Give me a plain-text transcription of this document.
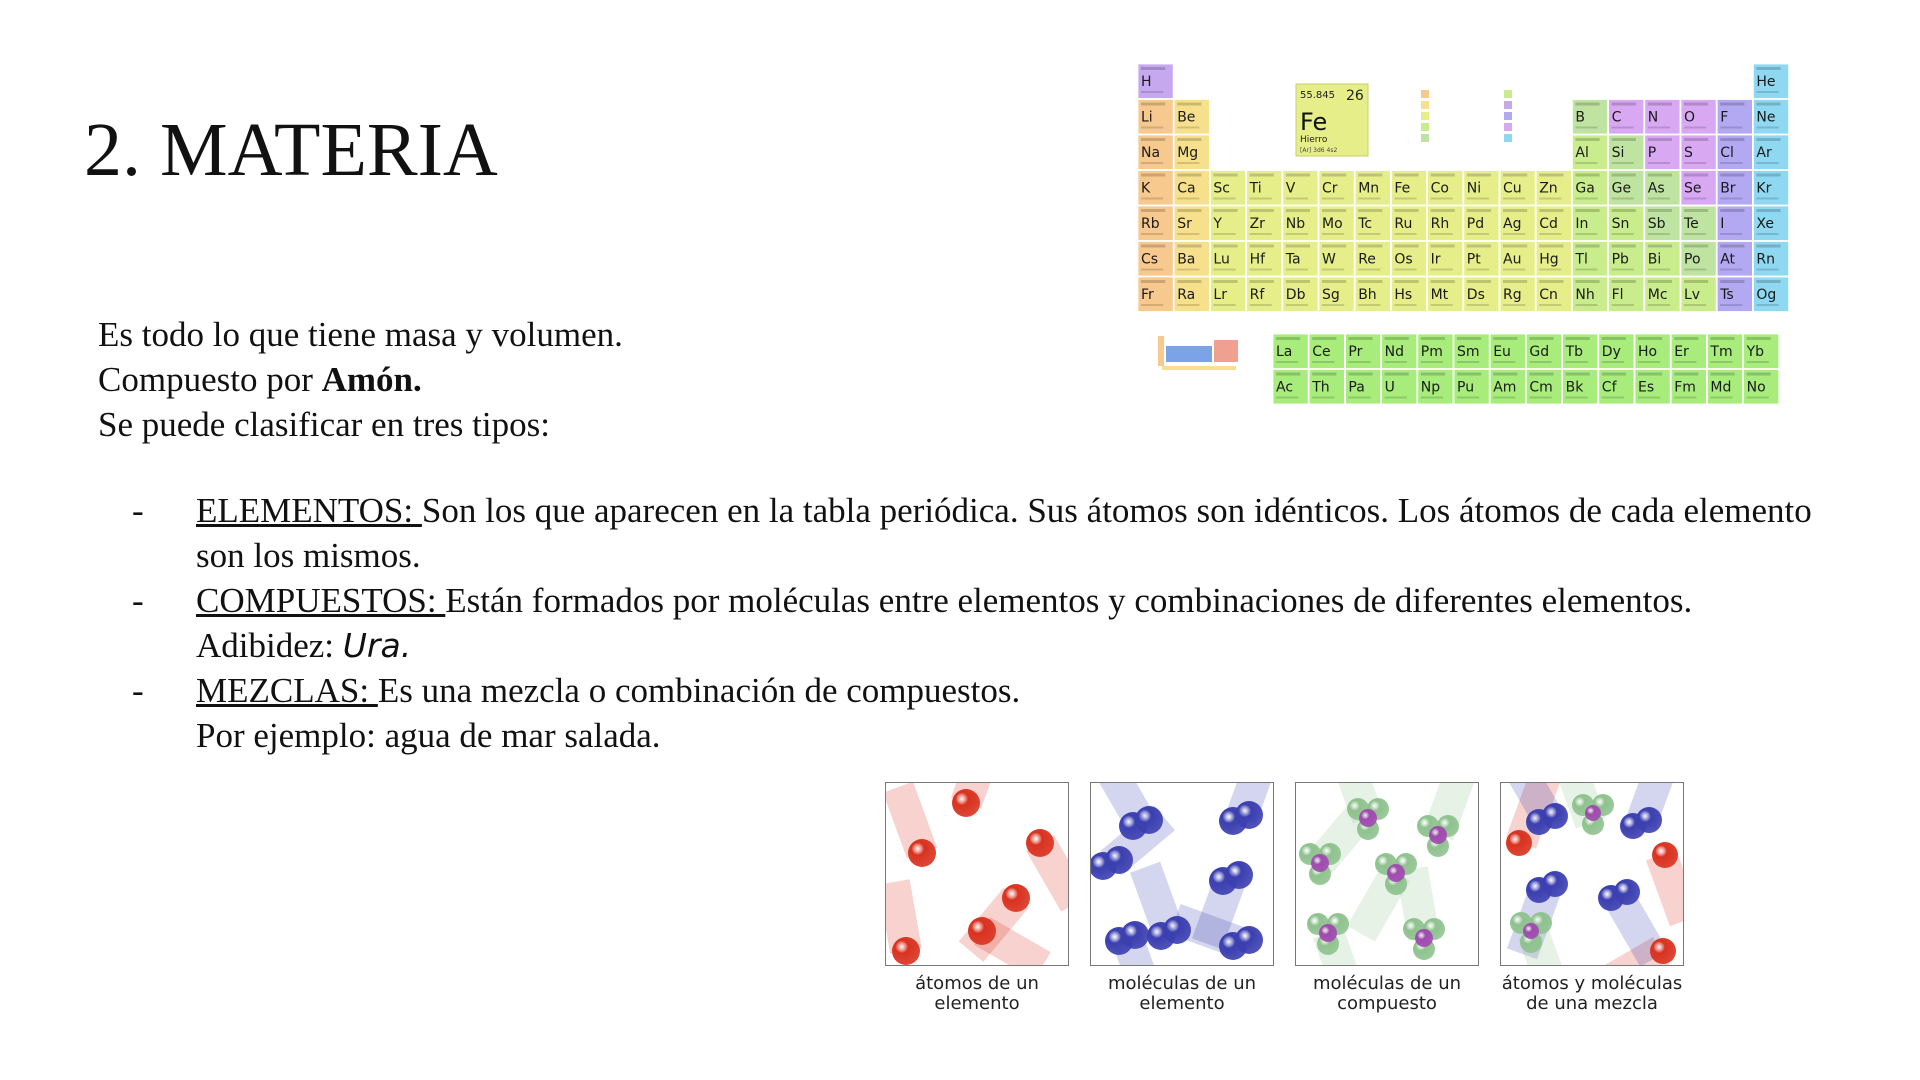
2. MATERIA
Es todo lo que tiene masa y volumen.
Compuesto por Amón.
Se puede clasificar en tres tipos:
- ELEMENTOS: Son los que aparecen en la tabla periódica. Sus átomos son idénticos. Los átomos de cada elemento son los mismos.
- COMPUESTOS: Están formados por moléculas entre elementos y combinaciones de diferentes elementos.
Adibidez: Ura.
- MEZCLAS: Es una mezcla o combinación de compuestos.
Por ejemplo: agua de mar salada.
H	He
Li Be	B C N O F Ne
Na Mg	Al Si P S Cl Ar
K Ca Sc Ti V Cr Mn Fe Co Ni Cu Zn Ga Ge As Se Br Kr
Rb Sr Y Zr Nb Mo Tc Ru Rh Pd Ag Cd In Sn Sb Te I Xe
Cs Ba Lu Hf Ta W Re Os Ir Pt Au Hg Tl Pb Bi Po At Rn
Fr Ra Lr Rf Db Sg Bh Hs Mt Ds Rg Cn Nh Fl Mc Lv Ts Og
55.845 26
Fe
Hierro
[Ar] 3d6 4s2
La Ce Pr Nd Pm Sm Eu Gd Tb Dy Ho Er Tm Yb
Ac Th Pa U Np Pu Am Cm Bk Cf Es Fm Md No
átomos de un
elemento
moléculas de un
elemento
moléculas de un
compuesto
átomos y moléculas
de una mezcla
